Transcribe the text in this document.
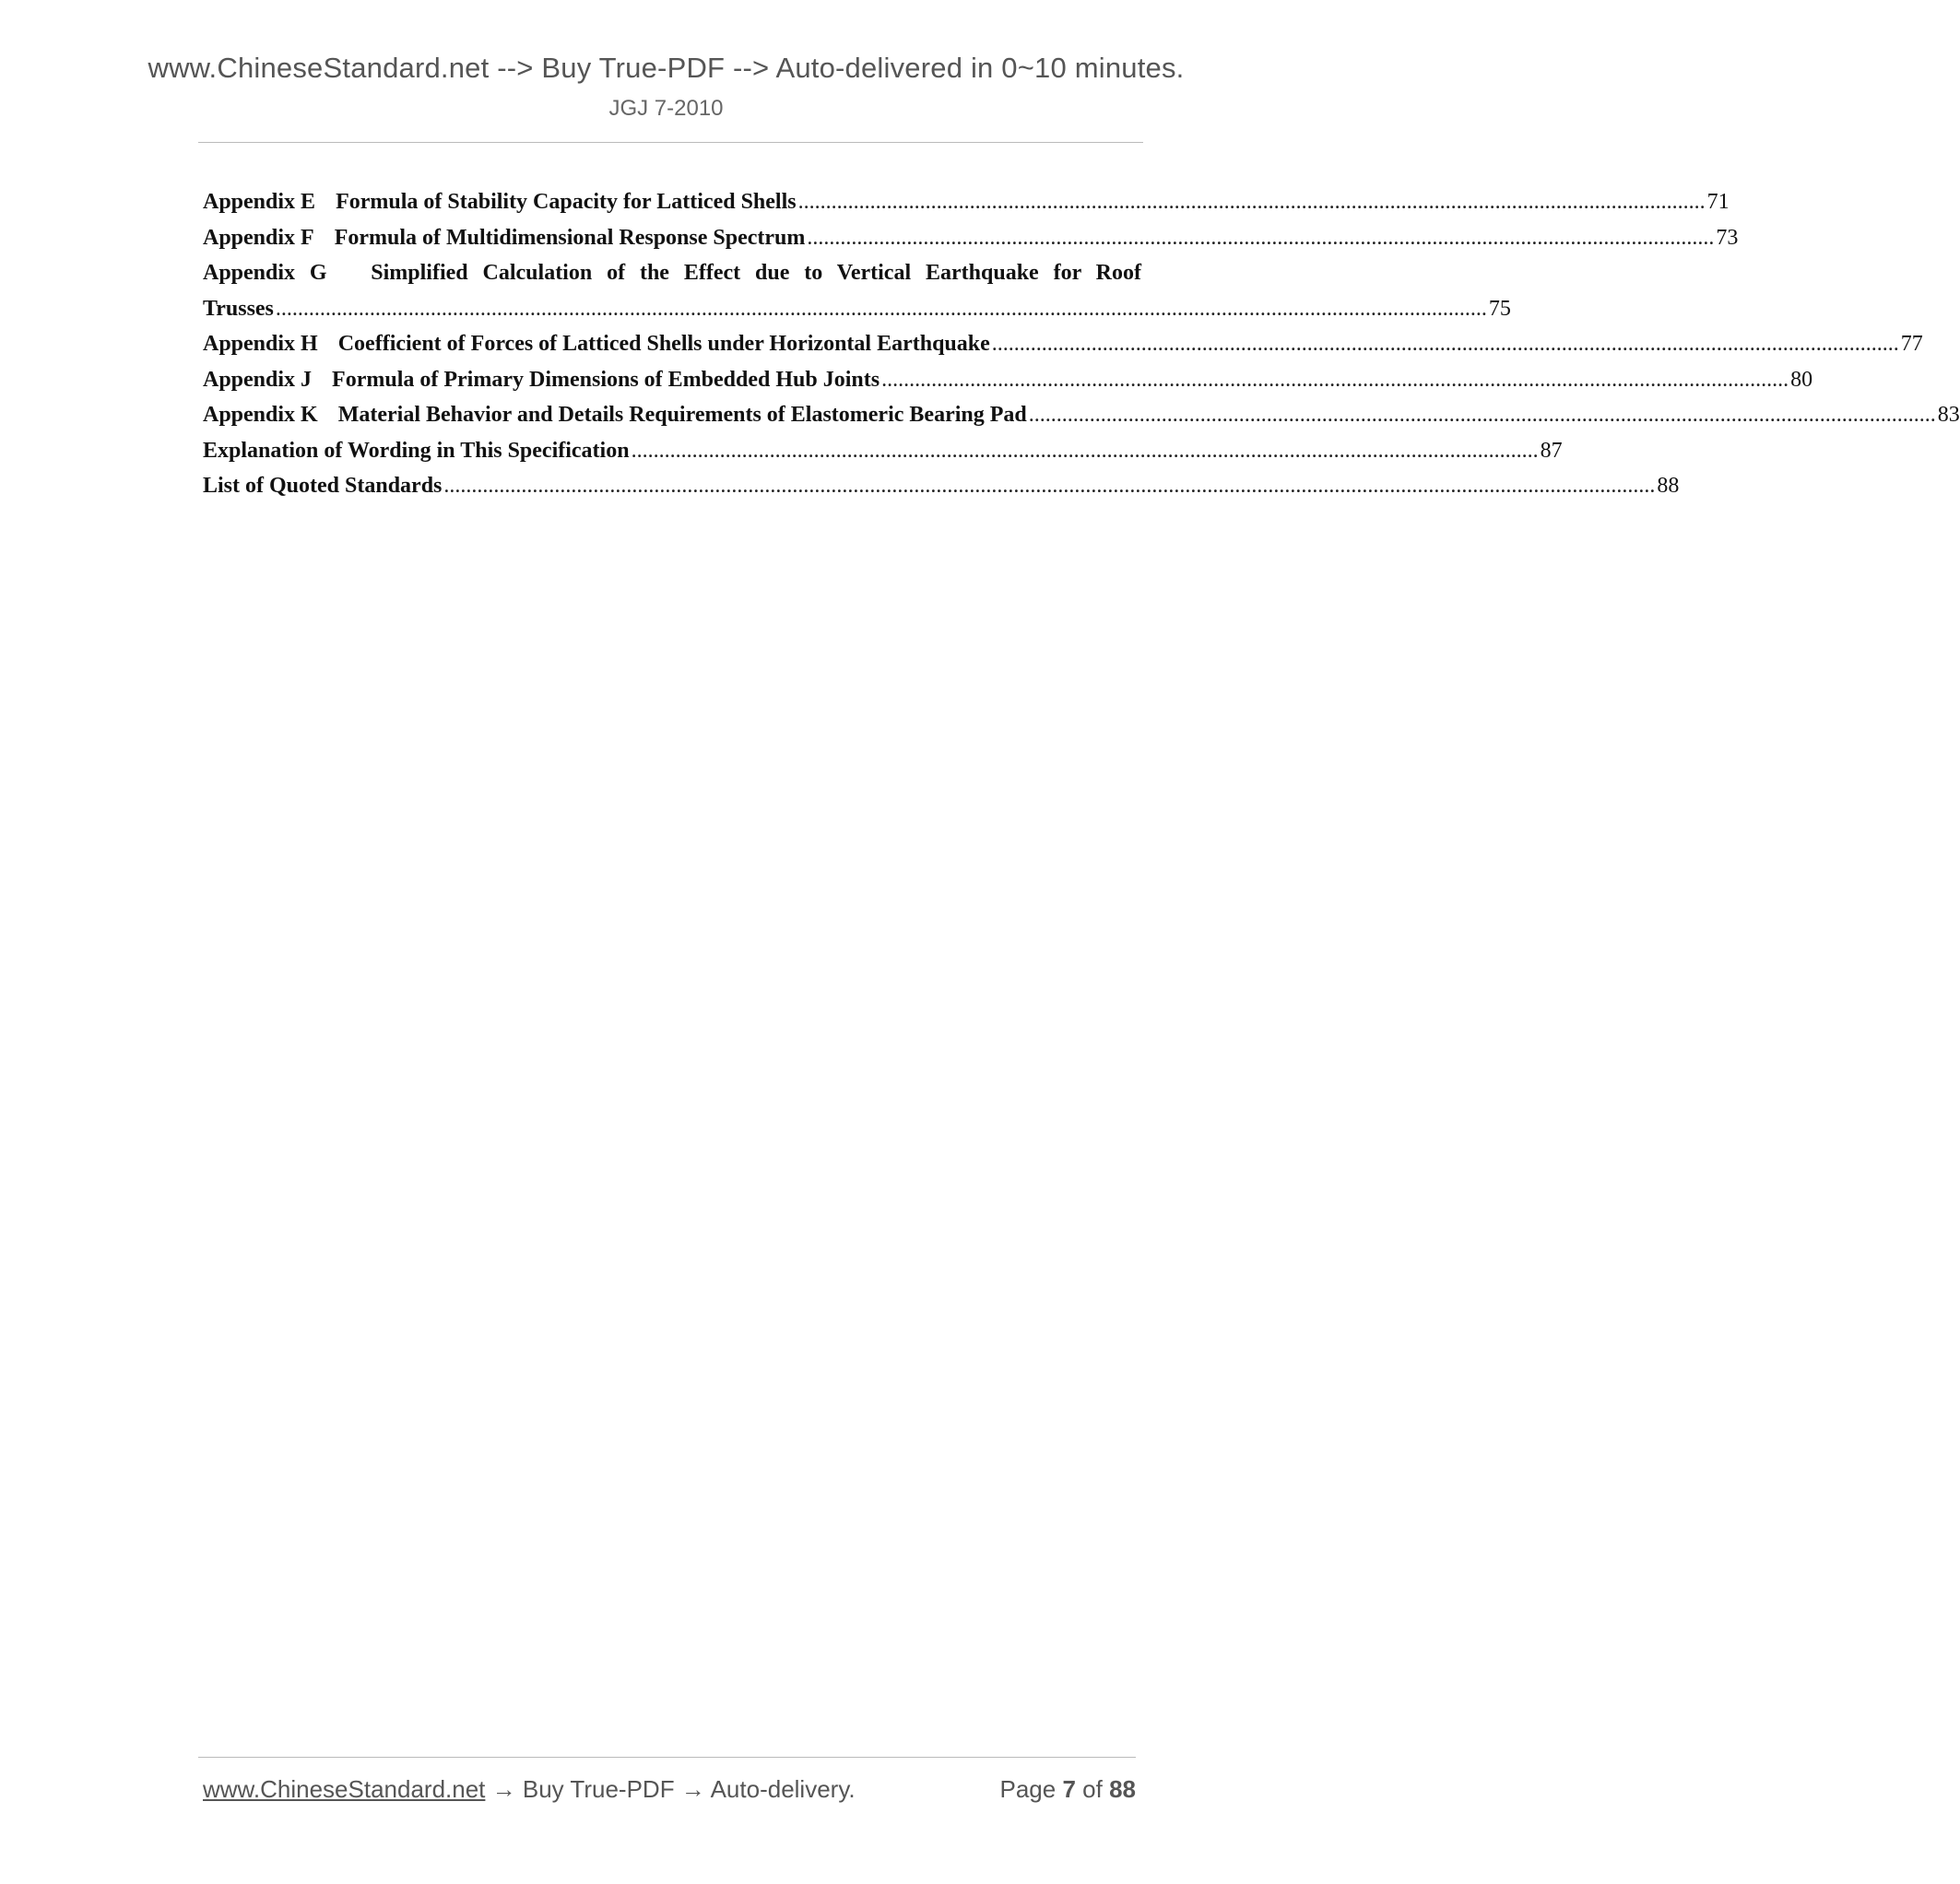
www.ChineseStandard.net --> Buy True-PDF --> Auto-delivered in 0~10 minutes.
JGJ 7-2010
Appendix E Formula of Stability Capacity for Latticed Shells .................................................................................................................................................................... 71
Appendix F Formula of Multidimensional Response Spectrum .................................................................................................................................................................... 73
Appendix G Simplified Calculation of the Effect due to Vertical Earthquake for Roof
Trusses ........................................................................................................................................................................................................................... 75
Appendix H Coefficient of Forces of Latticed Shells under Horizontal Earthquake .................................................................................................................................................................... 77
Appendix J Formula of Primary Dimensions of Embedded Hub Joints .................................................................................................................................................................... 80
Appendix K Material Behavior and Details Requirements of Elastomeric Bearing Pad .................................................................................................................................................................... 83
Explanation of Wording in This Specification .................................................................................................................................................................... 87
List of Quoted Standards ........................................................................................................................................................................................................................... 88
www.ChineseStandard.net → Buy True-PDF → Auto-delivery.	Page 7 of 88
